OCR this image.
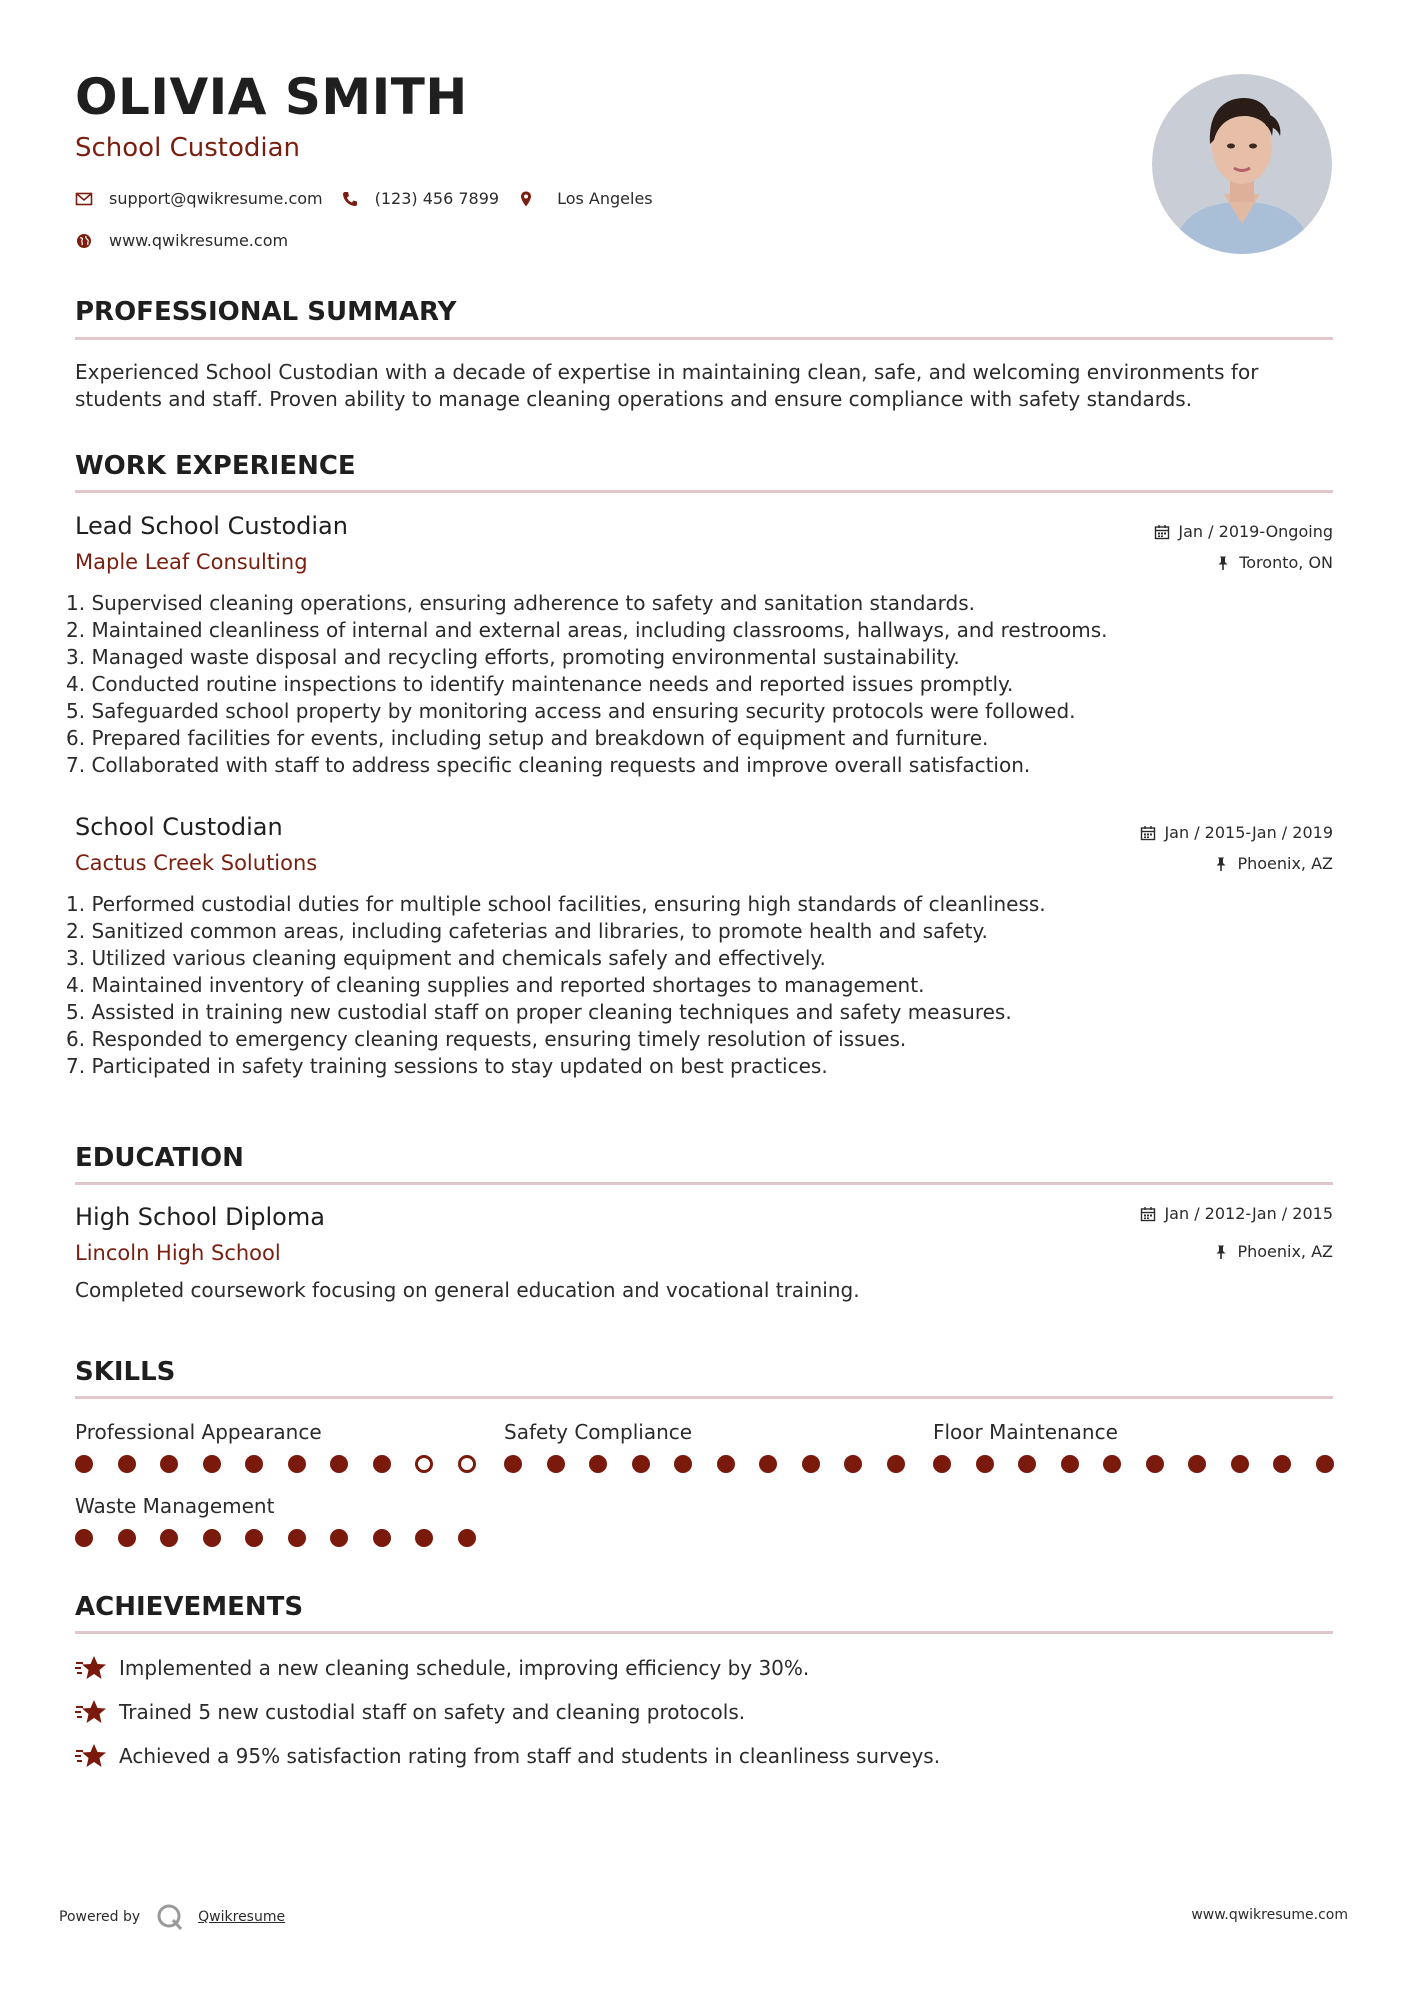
OLIVIA SMITH
School Custodian
support@qwikresume.com	(123) 456 7899	Los Angeles
www.qwikresume.com
PROFESSIONAL SUMMARY
Experienced School Custodian with a decade of expertise in maintaining clean, safe, and welcoming environments for
students and staff. Proven ability to manage cleaning operations and ensure compliance with safety standards.
WORK EXPERIENCE
Lead School Custodian
Maple Leaf Consulting
Jan / 2019-Ongoing
Toronto, ON
1. Supervised cleaning operations, ensuring adherence to safety and sanitation standards.
2. Maintained cleanliness of internal and external areas, including classrooms, hallways, and restrooms.
3. Managed waste disposal and recycling efforts, promoting environmental sustainability.
4. Conducted routine inspections to identify maintenance needs and reported issues promptly.
5. Safeguarded school property by monitoring access and ensuring security protocols were followed.
6. Prepared facilities for events, including setup and breakdown of equipment and furniture.
7. Collaborated with staff to address specific cleaning requests and improve overall satisfaction.
School Custodian
Cactus Creek Solutions
Jan / 2015-Jan / 2019
Phoenix, AZ
1. Performed custodial duties for multiple school facilities, ensuring high standards of cleanliness.
2. Sanitized common areas, including cafeterias and libraries, to promote health and safety.
3. Utilized various cleaning equipment and chemicals safely and effectively.
4. Maintained inventory of cleaning supplies and reported shortages to management.
5. Assisted in training new custodial staff on proper cleaning techniques and safety measures.
6. Responded to emergency cleaning requests, ensuring timely resolution of issues.
7. Participated in safety training sessions to stay updated on best practices.
EDUCATION
High School Diploma
Lincoln High School
Jan / 2012-Jan / 2015
Phoenix, AZ
Completed coursework focusing on general education and vocational training.
SKILLS
Professional Appearance	Safety Compliance	Floor Maintenance
Waste Management
ACHIEVEMENTS
Implemented a new cleaning schedule, improving efficiency by 30%.
Trained 5 new custodial staff on safety and cleaning protocols.
Achieved a 95% satisfaction rating from staff and students in cleanliness surveys.
Powered by	Qwikresume	www.qwikresume.com
